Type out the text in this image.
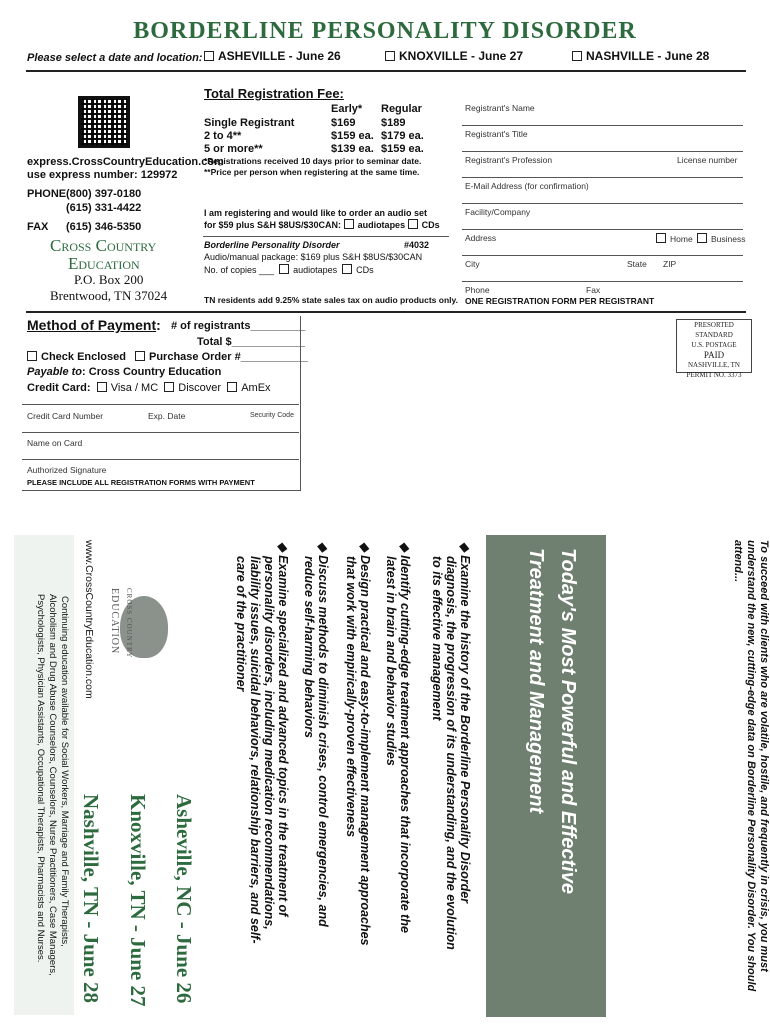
BORDERLINE PERSONALITY DISORDER
Please select a date and location:	ASHEVILLE - June 26	KNOXVILLE - June 27	NASHVILLE - June 28
express.CrossCountryEducation.com
use express number: 129972
PHONE (800) 397-0180
(615) 331-4422
FAX (615) 346-5350
Cross Country
Education
P.O. Box 200
Brentwood, TN 37024
Total Registration Fee:
Early* Regular
Single Registrant	$169 $189
2 to 4**	$159 ea. $179 ea.
5 or more**	$139 ea. $159 ea.
*Registrations received 10 days prior to seminar date.
**Price per person when registering at the same time.
I am registering and would like to order an audio set
for $59 plus S&H $8US/$30CAN: audiotapes CDs
Borderline Personality Disorder	#4032
Audio/manual package: $169 plus S&H $8US/$30CAN
No. of copies ___ audiotapes CDs
TN residents add 9.25% state sales tax on audio products only.
Registrant's Name
Registrant's Title
Registrant's Profession	License number
E-Mail Address (for confirmation)
Facility/Company
Address	Home	Business
City	State ZIP
Phone	Fax
ONE REGISTRATION FORM PER REGISTRANT
Method of Payment: # of registrants_________
Total $____________
Check Enclosed	Purchase Order #___________
Payable to: Cross Country Education
Credit Card: Visa / MC Discover AmEx
Credit Card Number	Exp. Date	Security Code
Name on Card
Authorized Signature
PLEASE INCLUDE ALL REGISTRATION FORMS WITH PAYMENT
PRESORTED STANDARD
U.S. POSTAGE
PAID
NASHVILLE, TN
PERMIT NO. 3373
To succeed with clients who are volatile, hostile, and frequently in crisis, you must understand the new, cutting-edge data on Borderline Personality Disorder. You should attend...
Borderline
Personality Disorder
Today's Most Powerful and Effective
Treatment and Management
◆ Examine the history of the Borderline Personality Disorder
diagnosis, the progression of its understanding, and the evolution
to its effective management
◆ Identify cutting-edge treatment approaches that incorporate the
latest in brain and behavior studies
◆ Design practical and easy-to-implement management approaches
that work with empirically-proven effectiveness
◆ Discuss methods to diminish crises, control emergencies, and
reduce self-harming behaviors
◆ Examine specialized and advanced topics in the treatment of
personality disorders, including medication recommendations,
liability issues, suicidal behaviors, relationship barriers, and self-
care of the practitioner
Asheville, NC - June 26
Knoxville, TN - June 27
Nashville, TN - June 28
CROSS COUNTRY
EDUCATION
www.CrossCountryEducation.com
Continuing education available for Social Workers, Marriage and Family Therapists,
Alcoholism and Drug Abuse Counselors, Counselors, Nurse Practitioners, Case Managers,
Psychologists, Physician Assistants, Occupational Therapists, Pharmacists and Nurses.
